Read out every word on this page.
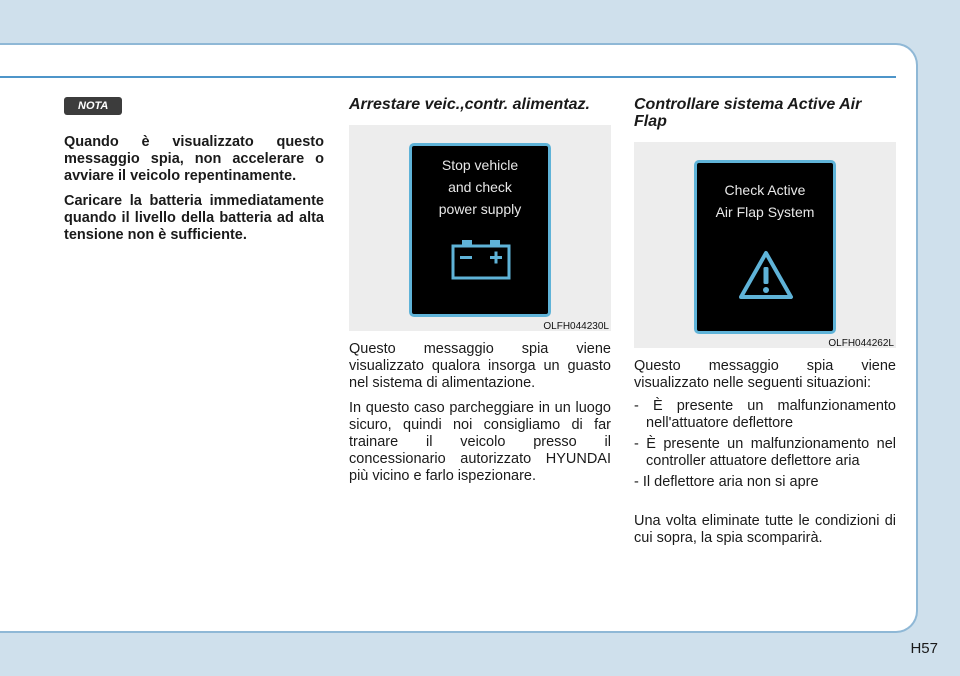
NOTA

Quando è visualizzato questo messaggio spia, non accelerare o avviare il veicolo repentinamente.

Caricare la batteria immediatamente quando il livello della batteria ad alta tensione non è sufficiente.

Arrestare veic.,contr. alimentaz.
Stop vehicle
and check
power supply
OLFH044230L

Questo messaggio spia viene visualizzato qualora insorga un guasto nel sistema di alimentazione.

In questo caso parcheggiare in un luogo sicuro, quindi noi consigliamo di far trainare il veicolo presso il concessionario autorizzato HYUNDAI più vicino e farlo ispezionare.

Controllare sistema Active Air Flap
Check Active
Air Flap System
OLFH044262L

Questo messaggio spia viene visualizzato nelle seguenti situazioni:

- È presente un malfunzionamento nell'attuatore deflettore
- È presente un malfunzionamento nel controller attuatore deflettore aria
- Il deflettore aria non si apre

Una volta eliminate tutte le condizioni di cui sopra, la spia scomparirà.

H57
